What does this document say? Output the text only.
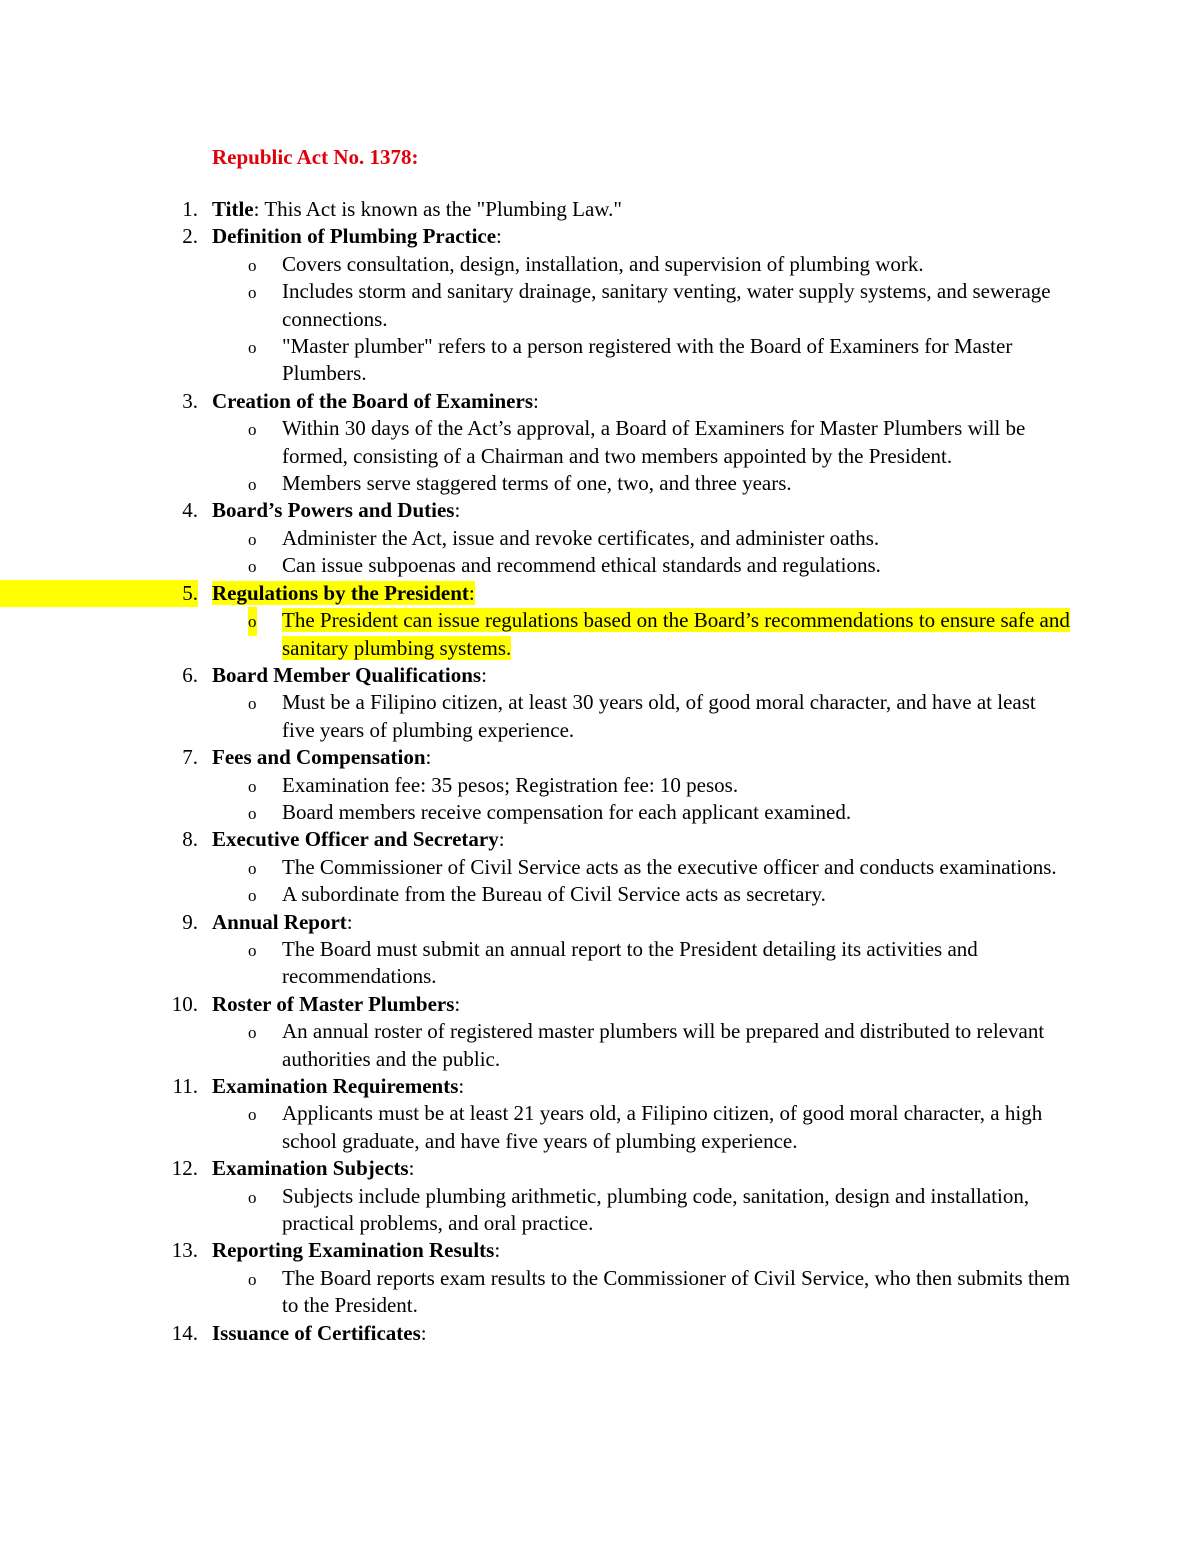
Republic Act No. 1378:
1. Title: This Act is known as the "Plumbing Law."
2. Definition of Plumbing Practice:
o Covers consultation, design, installation, and supervision of plumbing work.
o Includes storm and sanitary drainage, sanitary venting, water supply systems, and sewerage connections.
o "Master plumber" refers to a person registered with the Board of Examiners for Master Plumbers.
3. Creation of the Board of Examiners:
o Within 30 days of the Act’s approval, a Board of Examiners for Master Plumbers will be formed, consisting of a Chairman and two members appointed by the President.
o Members serve staggered terms of one, two, and three years.
4. Board’s Powers and Duties:
o Administer the Act, issue and revoke certificates, and administer oaths.
o Can issue subpoenas and recommend ethical standards and regulations.
5. Regulations by the President:
o The President can issue regulations based on the Board’s recommendations to ensure safe and sanitary plumbing systems.
6. Board Member Qualifications:
o Must be a Filipino citizen, at least 30 years old, of good moral character, and have at least five years of plumbing experience.
7. Fees and Compensation:
o Examination fee: 35 pesos; Registration fee: 10 pesos.
o Board members receive compensation for each applicant examined.
8. Executive Officer and Secretary:
o The Commissioner of Civil Service acts as the executive officer and conducts examinations.
o A subordinate from the Bureau of Civil Service acts as secretary.
9. Annual Report:
o The Board must submit an annual report to the President detailing its activities and recommendations.
10. Roster of Master Plumbers:
o An annual roster of registered master plumbers will be prepared and distributed to relevant authorities and the public.
11. Examination Requirements:
o Applicants must be at least 21 years old, a Filipino citizen, of good moral character, a high school graduate, and have five years of plumbing experience.
12. Examination Subjects:
o Subjects include plumbing arithmetic, plumbing code, sanitation, design and installation, practical problems, and oral practice.
13. Reporting Examination Results:
o The Board reports exam results to the Commissioner of Civil Service, who then submits them to the President.
14. Issuance of Certificates:
